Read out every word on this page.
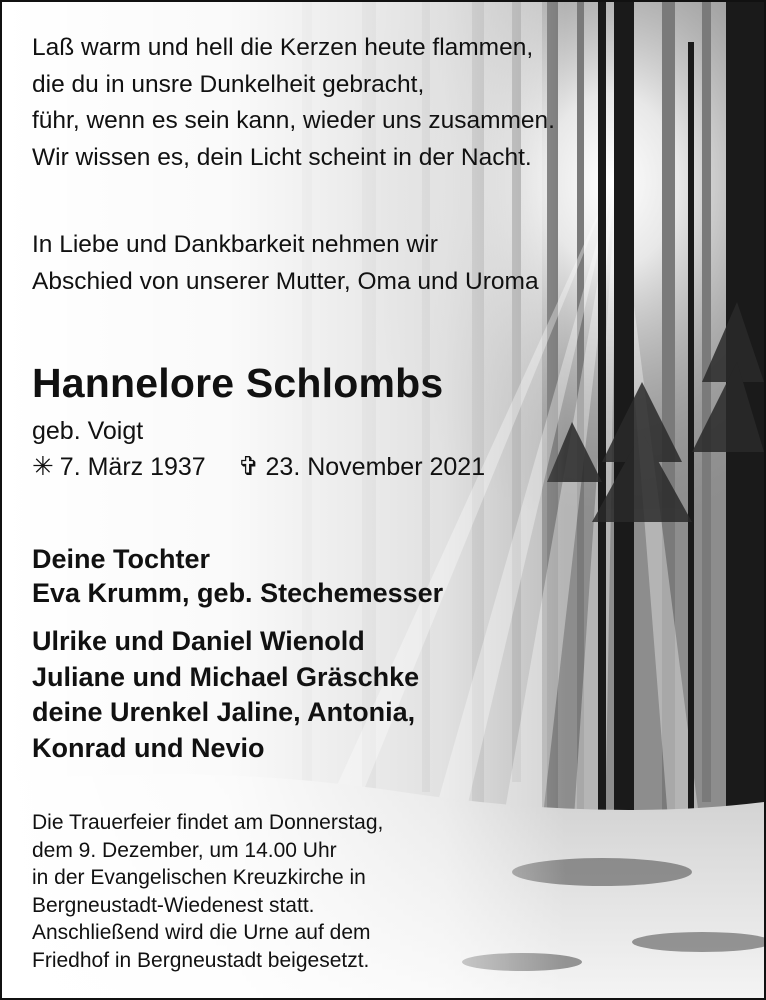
Laß warm und hell die Kerzen heute flammen,
die du in unsre Dunkelheit gebracht,
führ, wenn es sein kann, wieder uns zusammen.
Wir wissen es, dein Licht scheint in der Nacht.
In Liebe und Dankbarkeit nehmen wir
Abschied von unserer Mutter, Oma und Uroma
Hannelore Schlombs
geb. Voigt
✳ 7. März 1937 ✞ 23. November 2021
Deine Tochter
Eva Krumm, geb. Stechemesser
Ulrike und Daniel Wienold
Juliane und Michael Gräschke
deine Urenkel Jaline, Antonia,
Konrad und Nevio
Die Trauerfeier findet am Donnerstag,
dem 9. Dezember, um 14.00 Uhr
in der Evangelischen Kreuzkirche in
Bergneustadt-Wiedenest statt.
Anschließend wird die Urne auf dem
Friedhof in Bergneustadt beigesetzt.
